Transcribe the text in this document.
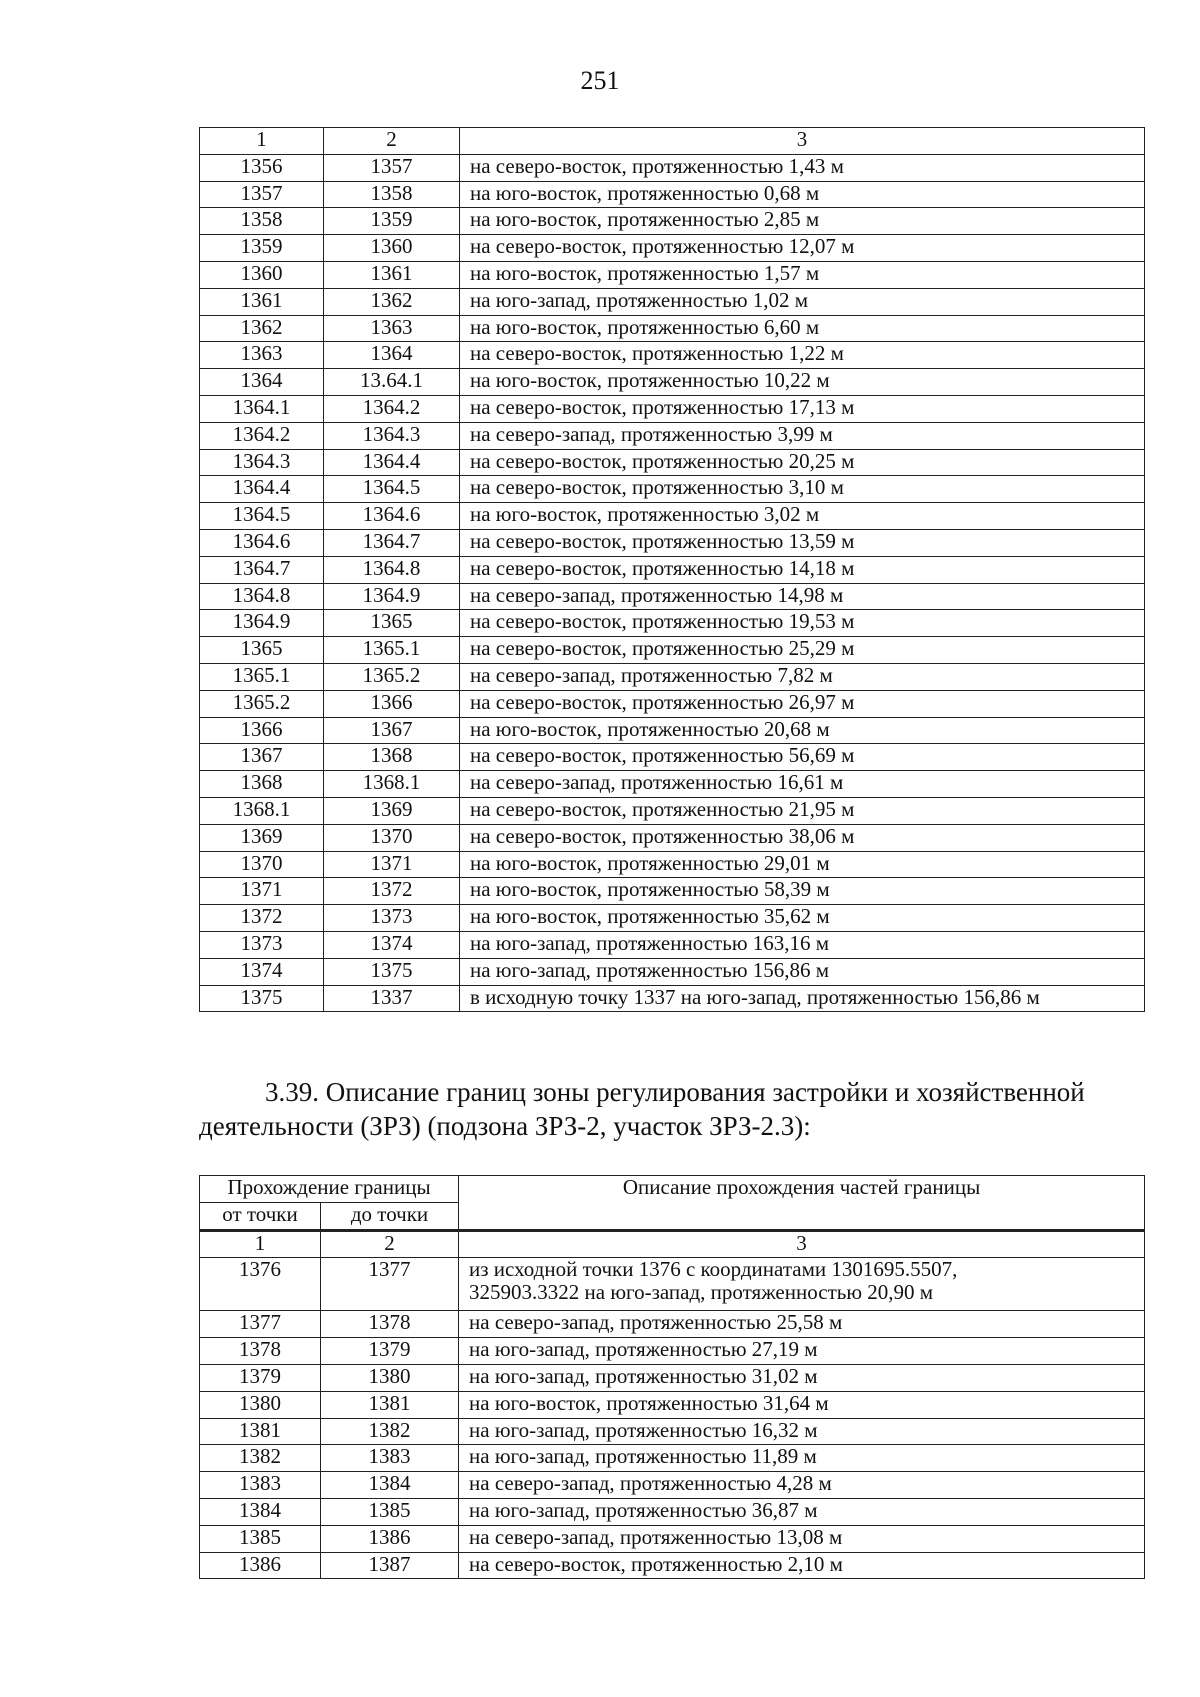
251
1	2	3
1356	1357	на северо-восток, протяженностью 1,43 м
1357	1358	на юго-восток, протяженностью 0,68 м
1358	1359	на юго-восток, протяженностью 2,85 м
1359	1360	на северо-восток, протяженностью 12,07 м
1360	1361	на юго-восток, протяженностью 1,57 м
1361	1362	на юго-запад, протяженностью 1,02 м
1362	1363	на юго-восток, протяженностью 6,60 м
1363	1364	на северо-восток, протяженностью 1,22 м
1364	13.64.1	на юго-восток, протяженностью 10,22 м
1364.1	1364.2	на северо-восток, протяженностью 17,13 м
1364.2	1364.3	на северо-запад, протяженностью 3,99 м
1364.3	1364.4	на северо-восток, протяженностью 20,25 м
1364.4	1364.5	на северо-восток, протяженностью 3,10 м
1364.5	1364.6	на юго-восток, протяженностью 3,02 м
1364.6	1364.7	на северо-восток, протяженностью 13,59 м
1364.7	1364.8	на северо-восток, протяженностью 14,18 м
1364.8	1364.9	на северо-запад, протяженностью 14,98 м
1364.9	1365	на северо-восток, протяженностью 19,53 м
1365	1365.1	на северо-восток, протяженностью 25,29 м
1365.1	1365.2	на северо-запад, протяженностью 7,82 м
1365.2	1366	на северо-восток, протяженностью 26,97 м
1366	1367	на юго-восток, протяженностью 20,68 м
1367	1368	на северо-восток, протяженностью 56,69 м
1368	1368.1	на северо-запад, протяженностью 16,61 м
1368.1	1369	на северо-восток, протяженностью 21,95 м
1369	1370	на северо-восток, протяженностью 38,06 м
1370	1371	на юго-восток, протяженностью 29,01 м
1371	1372	на юго-восток, протяженностью 58,39 м
1372	1373	на юго-восток, протяженностью 35,62 м
1373	1374	на юго-запад, протяженностью 163,16 м
1374	1375	на юго-запад, протяженностью 156,86 м
1375	1337	в исходную точку 1337 на юго-запад, протяженностью 156,86 м
3.39. Описание границ зоны регулирования застройки и хозяйственной
деятельности (ЗРЗ) (подзона ЗРЗ-2, участок ЗРЗ-2.3):
Прохождение границы		Описание прохождения частей границы
от точки	до точки	
1	2	3
1376	1377	из исходной точки 1376 с координатами 1301695.5507,
325903.3322 на юго-запад, протяженностью 20,90 м

1377	1378	на северо-запад, протяженностью 25,58 м
1378	1379	на юго-запад, протяженностью 27,19 м
1379	1380	на юго-запад, протяженностью 31,02 м
1380	1381	на юго-восток, протяженностью 31,64 м
1381	1382	на юго-запад, протяженностью 16,32 м
1382	1383	на юго-запад, протяженностью 11,89 м
1383	1384	на северо-запад, протяженностью 4,28 м
1384	1385	на юго-запад, протяженностью 36,87 м
1385	1386	на северо-запад, протяженностью 13,08 м
1386	1387	на северо-восток, протяженностью 2,10 м
